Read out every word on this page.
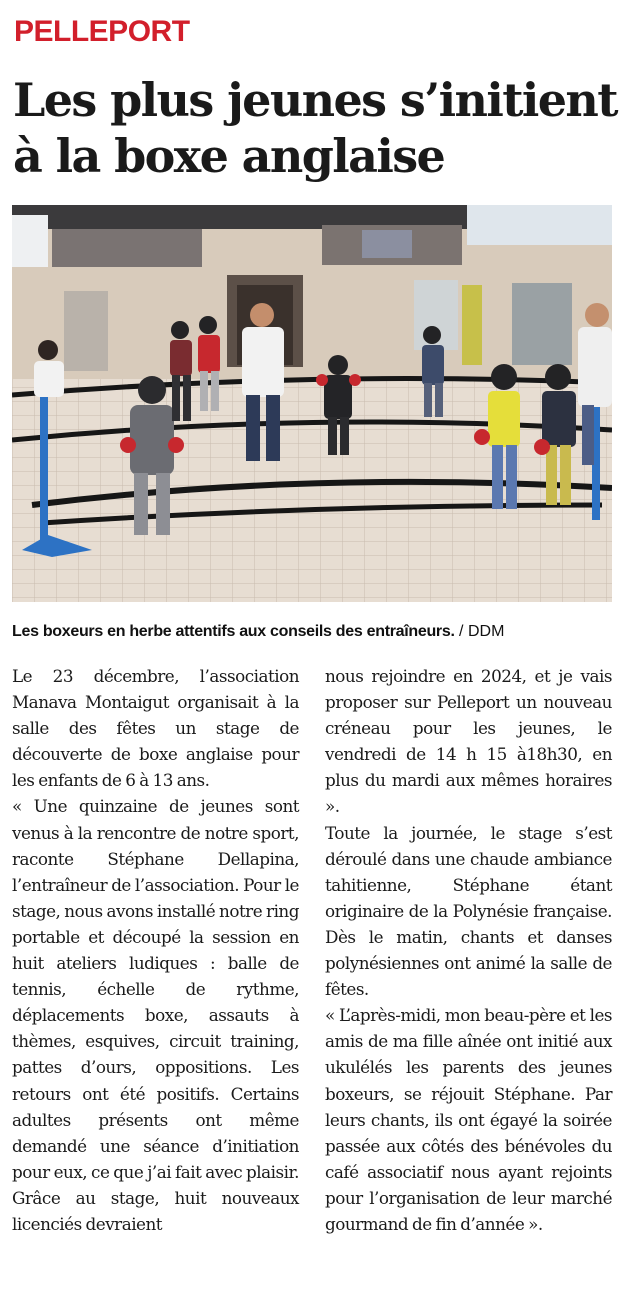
PELLEPORT
Les plus jeunes s’initient à la boxe anglaise
Les boxeurs en herbe attentifs aux conseils des entraîneurs. / DDM

Le 23 décembre, l’association Manava Montaigut organisait à la salle des fêtes un stage de découverte de boxe anglaise pour les enfants de 6 à 13 ans.

« Une quinzaine de jeunes sont venus à la rencontre de notre sport, raconte Stéphane Dellapina, l’entraîneur de l’association. Pour le stage, nous avons installé notre ring portable et découpé la session en huit ateliers ludiques : balle de tennis, échelle de rythme, déplacements boxe, assauts à thèmes, esquives, circuit training, pattes d’ours, oppositions. Les retours ont été positifs. Certains adultes présents ont même demandé une séance d’initiation pour eux, ce que j’ai fait avec plaisir. Grâce au stage, huit nouveaux licenciés devraient

nous rejoindre en 2024, et je vais proposer sur Pelleport un nouveau créneau pour les jeunes, le vendredi de 14 h 15 à18h30, en plus du mardi aux mêmes horaires ».

Toute la journée, le stage s’est déroulé dans une chaude ambiance tahitienne, Stéphane étant originaire de la Polynésie française. Dès le matin, chants et danses polynésiennes ont animé la salle de fêtes.

« L’après-midi, mon beau-père et les amis de ma fille aînée ont initié aux ukulélés les parents des jeunes boxeurs, se réjouit Stéphane. Par leurs chants, ils ont égayé la soirée passée aux côtés des bénévoles du café associatif nous ayant rejoints pour l’organisation de leur marché gourmand de fin d’année ».
